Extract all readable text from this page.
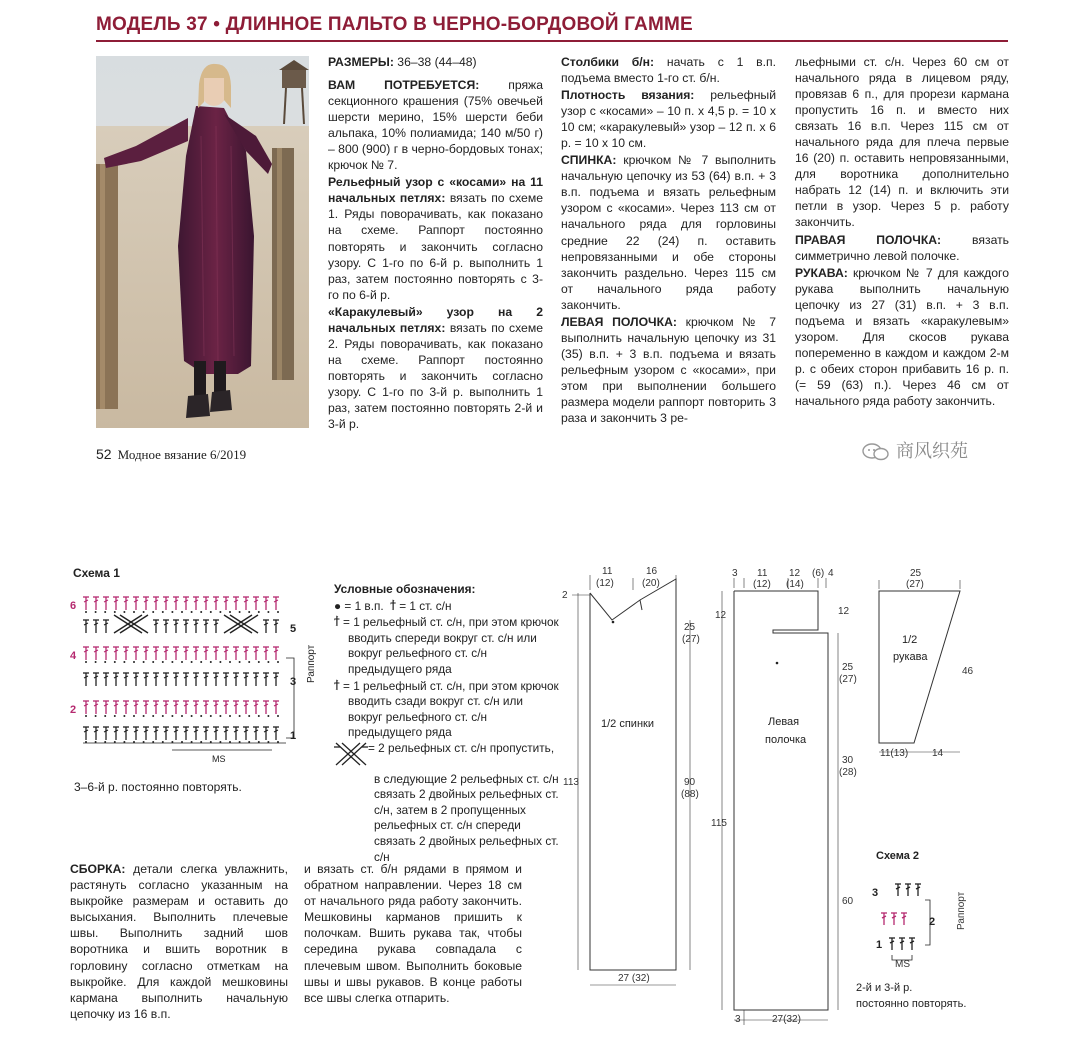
МОДЕЛЬ 37 • ДЛИННОЕ ПАЛЬТО В ЧЕРНО-БОРДОВОЙ ГАММЕ

РАЗМЕРЫ: 36–38 (44–48)

ВАМ ПОТРЕБУЕТСЯ: пряжа секционного крашения (75% овечьей шерсти мерино, 15% шерсти беби альпака, 10% полиамида; 140 м/50 г) – 800 (900) г в черно-бордовых тонах; крючок № 7.

Рельефный узор с «косами» на 11 начальных петлях: вязать по схеме 1. Ряды поворачивать, как показано на схеме. Раппорт постоянно повторять и закончить согласно узору. С 1-го по 6-й р. выполнить 1 раз, затем постоянно повторять с 3-го по 6-й р.

«Каракулевый» узор на 2 начальных петлях: вязать по схеме 2. Ряды поворачивать, как показано на схеме. Раппорт постоянно повторять и закончить согласно узору. С 1-го по 3-й р. выполнить 1 раз, затем постоянно повторять 2-й и 3-й р.

Столбики б/н: начать с 1 в.п. подъема вместо 1-го ст. б/н.

Плотность вязания: рельефный узор с «косами» – 10 п. х 4,5 р. = 10 х 10 см; «каракулевый» узор – 12 п. х 6 р. = 10 х 10 см.

СПИНКА: крючком № 7 выполнить начальную цепочку из 53 (64) в.п. + 3 в.п. подъема и вязать рельефным узором с «косами». Через 113 см от начального ряда для горловины средние 22 (24) п. оставить непровязанными и обе стороны закончить раздельно. Через 115 см от начального ряда работу закончить.

ЛЕВАЯ ПОЛОЧКА: крючком № 7 выполнить начальную цепочку из 31 (35) в.п. + 3 в.п. подъема и вязать рельефным узором с «косами», при этом при выполнении большего размера модели раппорт повторить 3 раза и закончить 3 ре-

льефными ст. с/н. Через 60 см от начального ряда в лицевом ряду, провязав 6 п., для прорези кармана пропустить 16 п. и вместо них связать 16 в.п. Через 115 см от начального ряда для плеча первые 16 (20) п. оставить непровязанными, для воротника дополнительно набрать 12 (14) п. и включить эти петли в узор. Через 5 р. работу закончить.

ПРАВАЯ ПОЛОЧКА:	вязать симметрично левой полочке.

РУКАВА: крючком № 7 для каждого рукава выполнить начальную цепочку из 27 (31) в.п. + 3 в.п. подъема и вязать «каракулевым» узором. Для скосов рукава попеременно в каждом и каждом 2-м р. с обеих сторон прибавить 16 р. п. (= 59 (63) п.). Через 46 см от начального ряда работу закончить.

52 Модное вязание 6/2019	商风织苑
Схема 1
6
5
4
3
2
1
MS
Раппорт
3–6-й р. постоянно повторять.
Условные обозначения:
● = 1 в.п. ϯ = 1 ст. с/н
ϯ = 1 рельефный ст. с/н, при этом крючок вводить спереди вокруг ст. с/н или вокруг рельефного ст. с/н предыдущего ряда
ϯ = 1 рельефный ст. с/н, при этом крючок вводить сзади вокруг ст. с/н или вокруг рельефного ст. с/н предыдущего ряда
= 2 рельефных ст. с/н пропустить, в следующие 2 рельефных ст. с/н связать 2 двойных рельефных ст. с/н, затем в 2 пропущенных рельефных ст. с/н спереди связать 2 двойных рельефных ст. с/н
СБОРКА: детали слегка увлажнить, растянуть согласно указанным на выкройке размерам и оставить до высыхания. Выполнить плечевые швы. Выполнить задний шов воротника и вшить воротник в горловину согласно отметкам на выкройке. Для каждой мешковины кармана выполнить начальную цепочку из 16 в.п.
и вязать ст. б/н рядами в прямом и обратном направлении. Через 18 см от начального ряда работу закончить. Мешковины карманов пришить к полочкам. Вшить рукава так, чтобы середина рукава совпадала с плечевым швом. Выполнить боковые швы и швы рукавов. В конце работы все швы слегка отпарить.
11
(12)
16
(20)
2
25
(27)
113	90
(88)
27 (32)
1/2 спинки
3 11
(12)
12
(14)
(6) 4
12	12
25
(27)
30
(28)
115
60
3	27(32)
Левая
полочка
25
(27)
46
11(13) 14
1/2
рукава
Схема 2
3
2
1
MS
Раппорт
2-й и 3-й р.
постоянно повторять.
